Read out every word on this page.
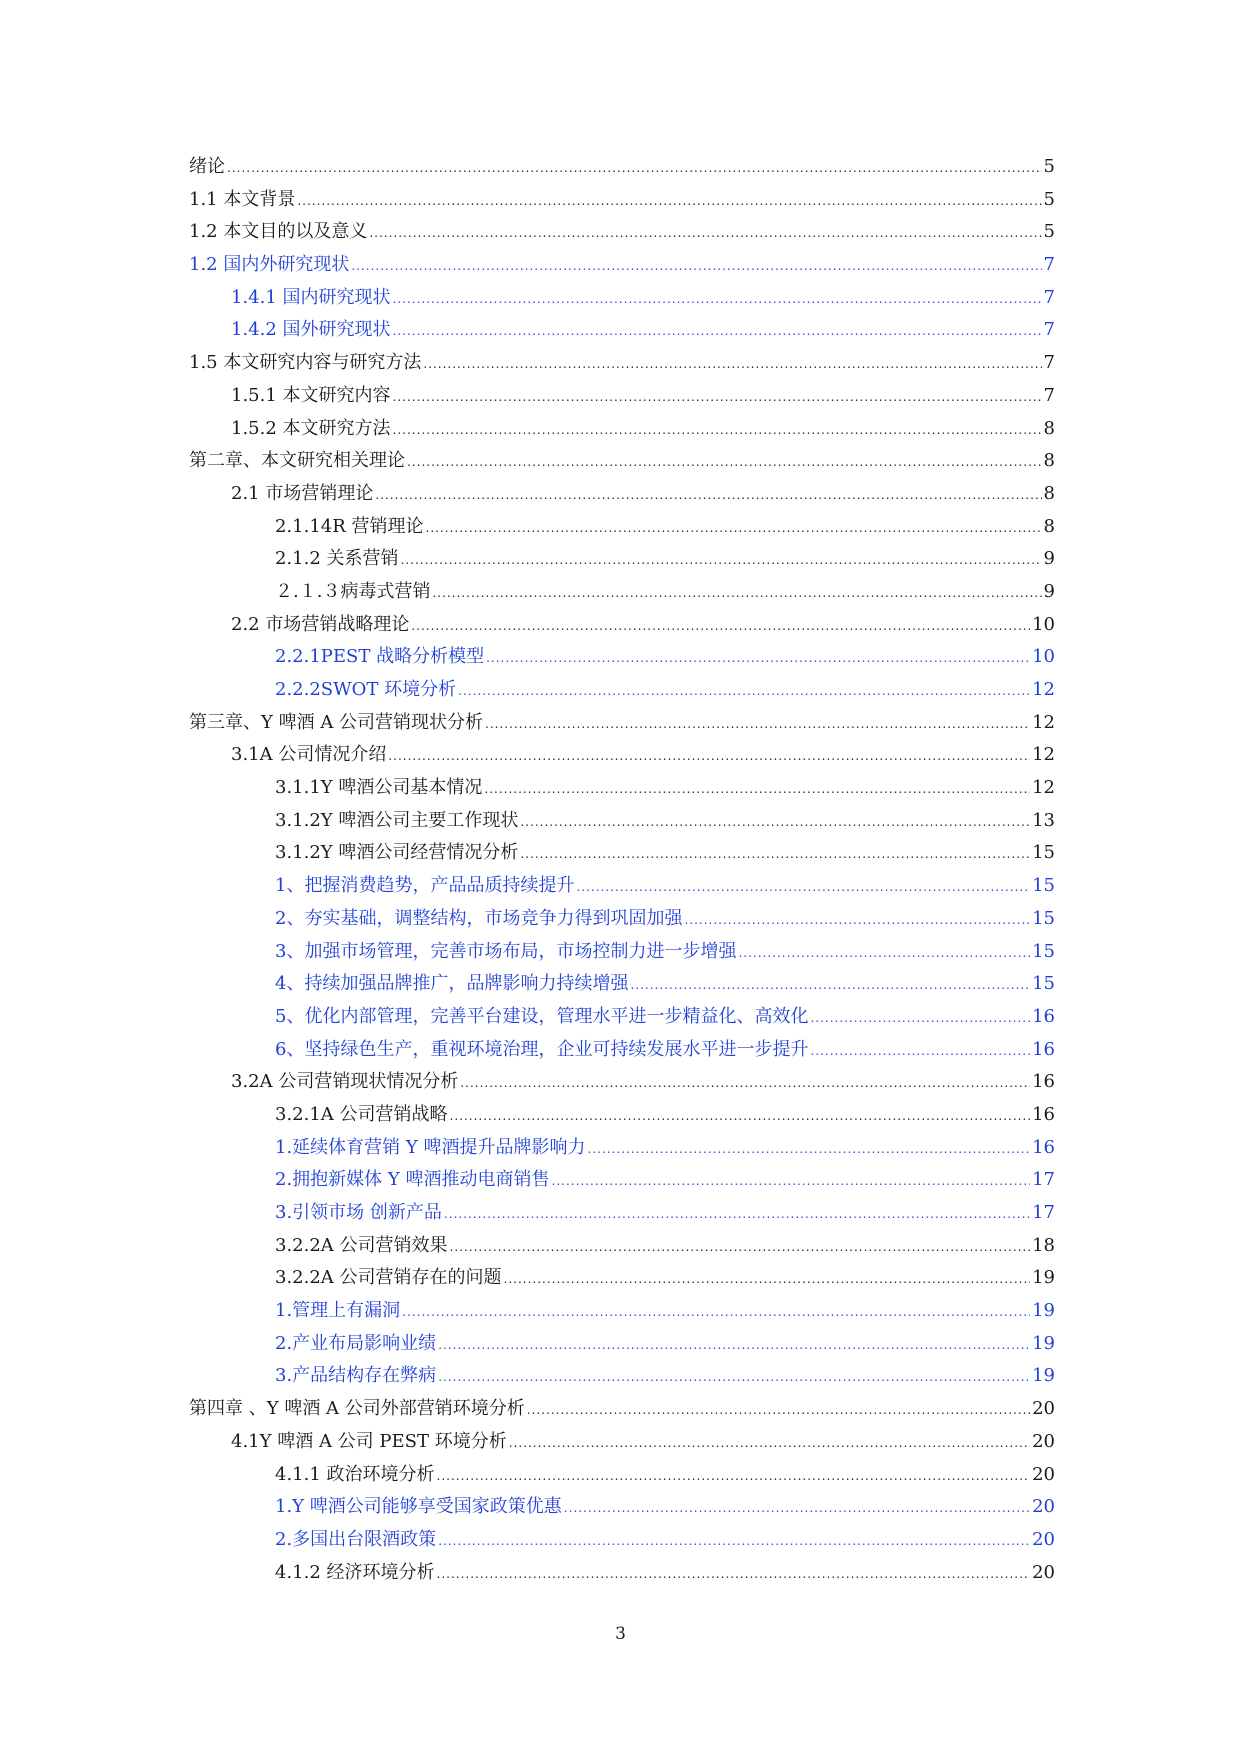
绪论 .....	5
1.1 本文背景 .....	5
1.2 本文目的以及意义 .....	5
1.2 国内外研究现状 .....	7
1.4.1 国内研究现状 .....	7
1.4.2 国外研究现状 .....	7
1.5 本文研究内容与研究方法 .....	7
1.5.1 本文研究内容 .....	7
1.5.2 本文研究方法 .....	8
第二章、本文研究相关理论 .....	8
2.1 市场营销理论 .....	8
2.1.14R 营销理论 .....	8
2.1.2 关系营销 .....	9
２.１.３病毒式营销 .....	9
2.2 市场营销战略理论 .....	10
2.2.1PEST 战略分析模型 .....	10
2.2.2SWOT 环境分析 .....	12
第三章、Y 啤酒 A 公司营销现状分析 .....	12
3.1A 公司情况介绍 .....	12
3.1.1Y 啤酒公司基本情况 .....	12
3.1.2Y 啤酒公司主要工作现状 .....	13
3.1.2Y 啤酒公司经营情况分析 .....	15
1、把握消费趋势，产品品质持续提升 .....	15
2、夯实基础，调整结构，市场竞争力得到巩固加强 .....	15
3、加强市场管理，完善市场布局，市场控制力进一步增强 .....	15
4、持续加强品牌推广，品牌影响力持续增强 .....	15
5、优化内部管理，完善平台建设，管理水平进一步精益化、高效化 .....	16
6、坚持绿色生产，重视环境治理，企业可持续发展水平进一步提升 .....	16
3.2A 公司营销现状情况分析 .....	16
3.2.1A 公司营销战略 .....	16
1.延续体育营销 Y 啤酒提升品牌影响力 .....	16
2.拥抱新媒体 Y 啤酒推动电商销售 .....	17
3.引领市场 创新产品 .....	17
3.2.2A 公司营销效果 .....	18
3.2.2A 公司营销存在的问题 .....	19
1.管理上有漏洞 .....	19
2.产业布局影响业绩 .....	19
3.产品结构存在弊病 .....	19
第四章 、Y 啤酒 A 公司外部营销环境分析 .....	20
4.1Y 啤酒 A 公司 PEST 环境分析 .....	20
4.1.1 政治环境分析 .....	20
1.Y 啤酒公司能够享受国家政策优惠 .....	20
2.多国出台限酒政策 .....	20
4.1.2 经济环境分析 .....	20
3
